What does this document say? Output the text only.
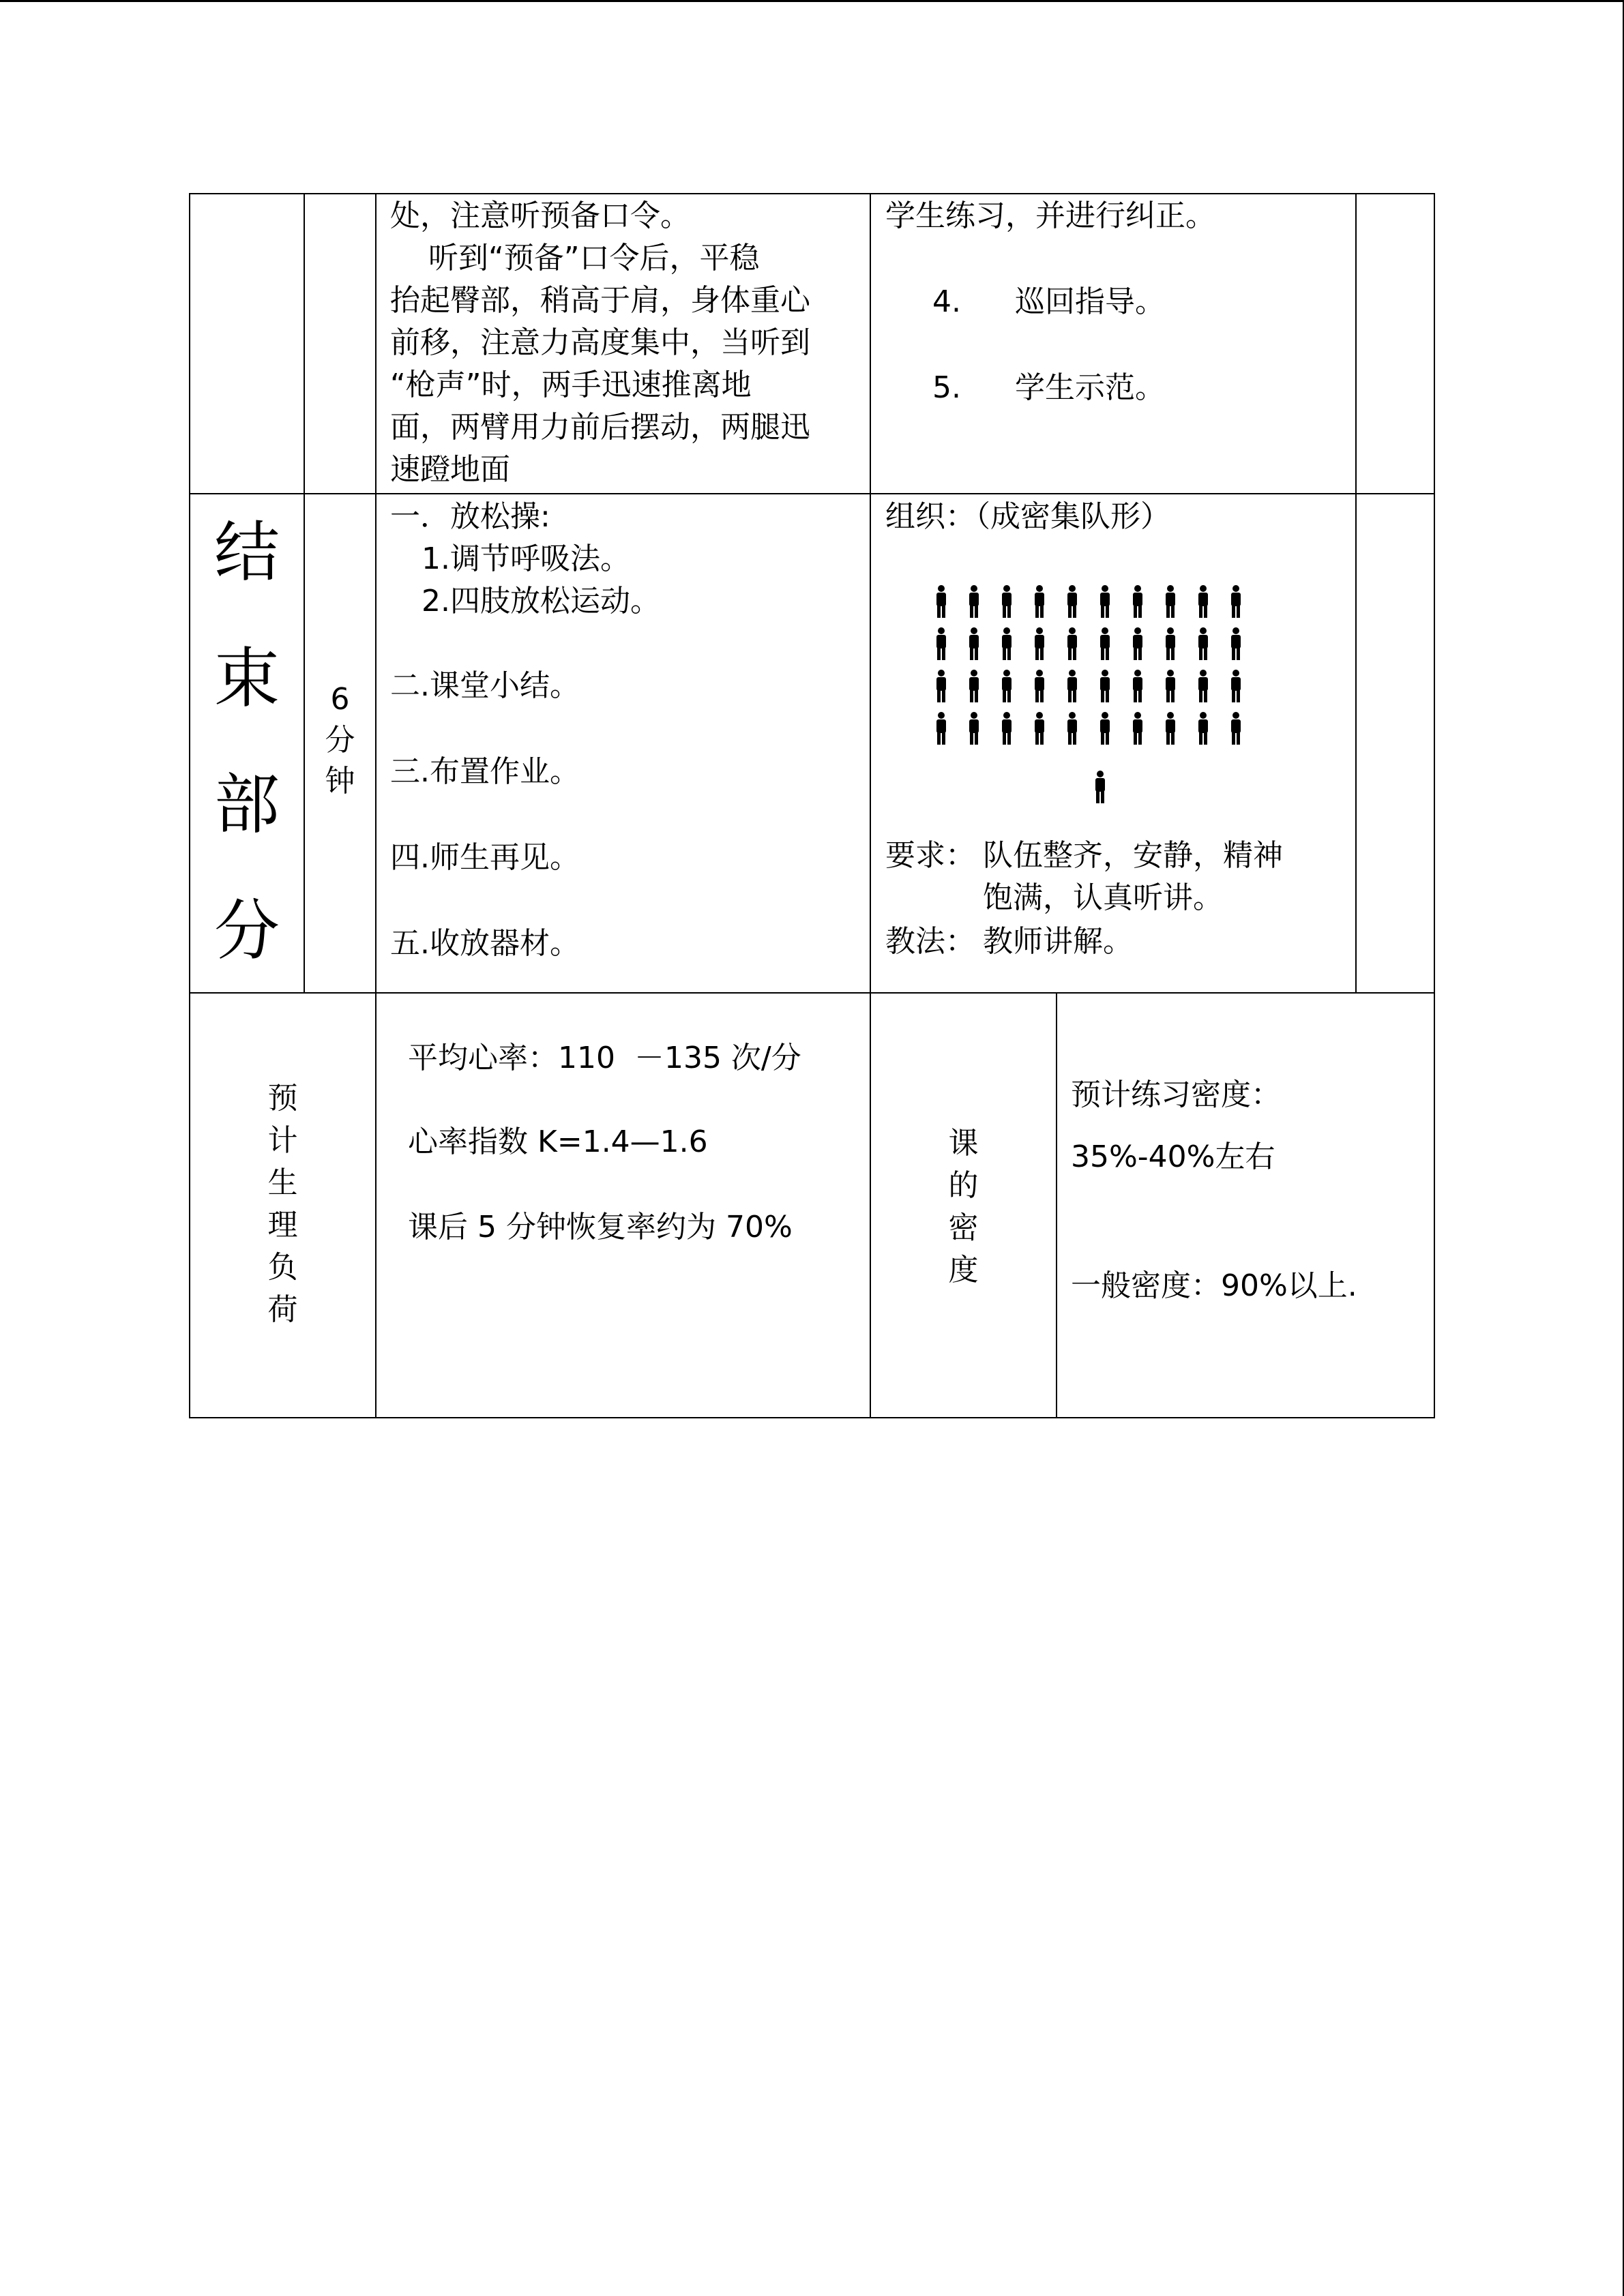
处，注意听预备口令。
听到“预备”口令后，平稳
抬起臀部，稍高于肩，身体重心
前移，注意力高度集中，当听到
“枪声”时，两手迅速推离地
面，两臂用力前后摆动，两腿迅
速蹬地面
学生练习，并进行纠正。
4. 巡回指导。
5. 学生示范。
结
束
部
分
6
分
钟
一．放松操:
1.调节呼吸法。
2.四肢放松运动。
二.课堂小结。
三.布置作业。
四.师生再见。
五.收放器材。
组织：（成密集队形）
要求： 队伍整齐，安静，精神
饱满，认真听讲。
教法： 教师讲解。
预
计
生
理
负
荷
平均心率：110  －135 次/分
心率指数 K=1.4—1.6
课后 5 分钟恢复率约为 70%
课
的
密
度
预计练习密度：
35%-40%左右
一般密度：90%以上.
